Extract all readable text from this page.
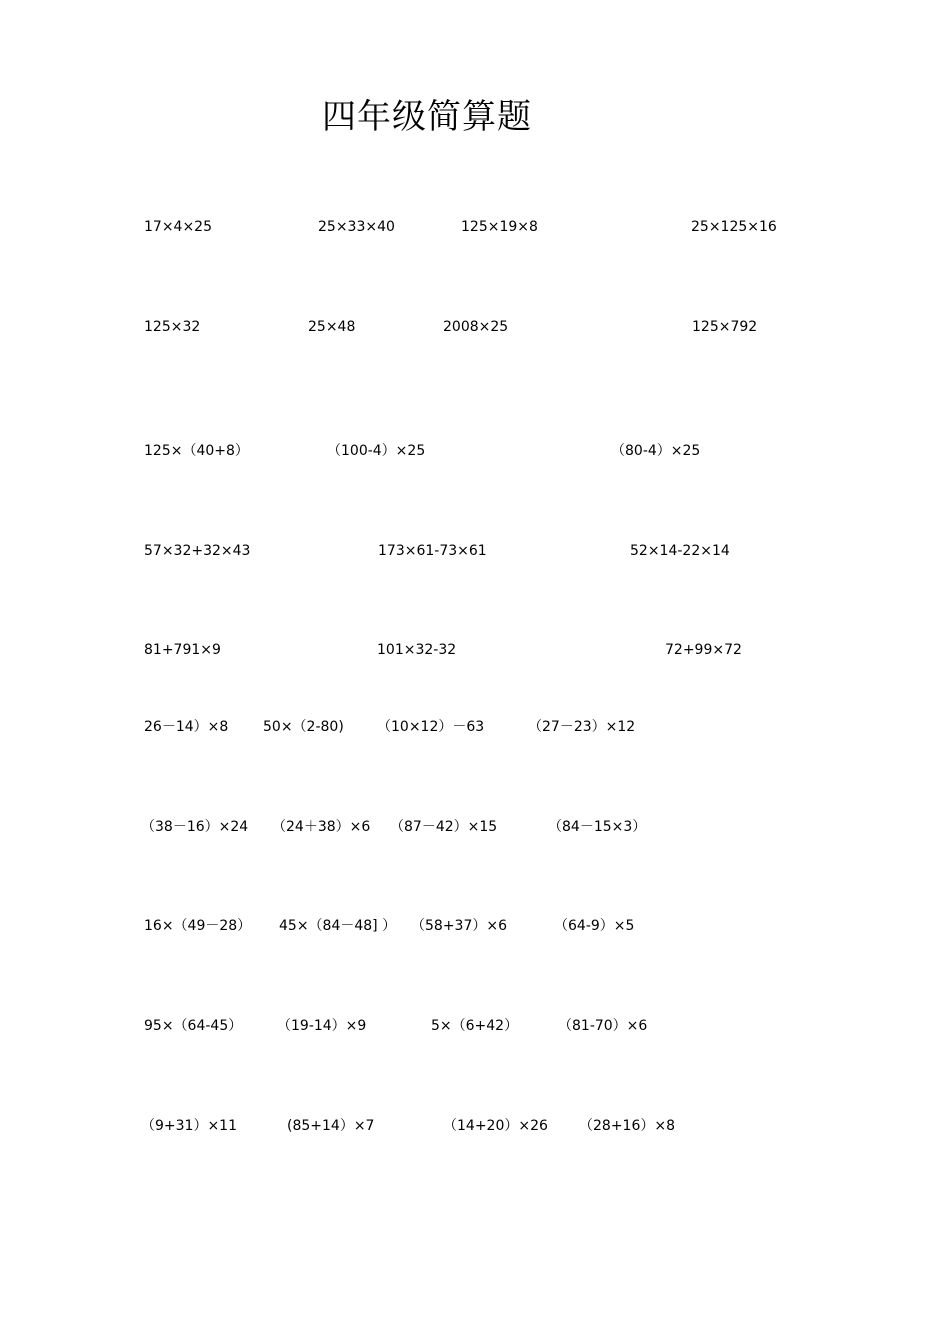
四年级简算题
17×4×25	25×33×40	125×19×8	25×125×16
125×32	25×48	2008×25	125×792
125×（40+8）	（100-4）×25	（80-4）×25
57×32+32×43	173×61-73×61	52×14-22×14
81+791×9	101×32-32	72+99×72
26－14）×8 50×（2-80) （10×12）－63	（27－23）×12
（38－16）×24 （24＋38）×6 （87－42）×15	（84－15×3）
16×（49－28） 45×（84－48] ） （58+37）×6	（64-9）×5
95×（64-45） （19-14）×9	5×（6+42）	（81-70）×6
（9+31）×11	(85+14）×7	（14+20）×26 （28+16）×8
